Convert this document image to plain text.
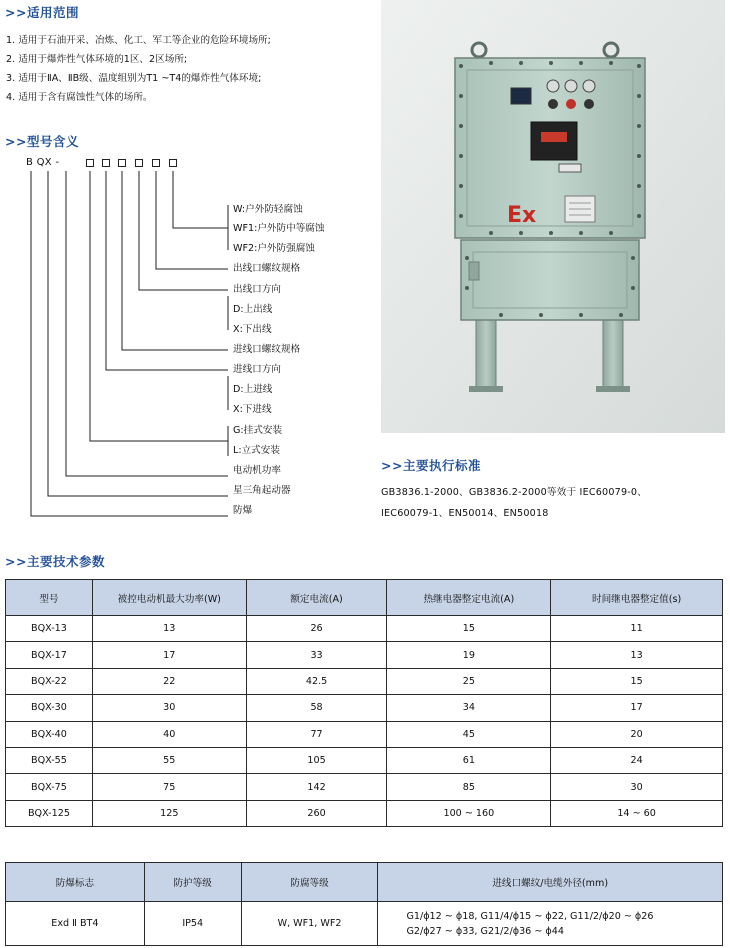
>>适用范围
1. 适用于石油开采、冶炼、化工、军工等企业的危险环境场所;
2. 适用于爆炸性气体环境的1区、2区场所;
3. 适用于ⅡA、ⅡB级、温度组别为T1 ~T4的爆炸性气体环境;
4. 适用于含有腐蚀性气体的场所。
>>型号含义
B QX -
W:户外防轻腐蚀
WF1:户外防中等腐蚀
WF2:户外防强腐蚀
出线口螺纹规格
出线口方向
D:上出线
X:下出线
进线口螺纹规格
进线口方向
D:上进线
X:下进线
G:挂式安装
L:立式安装
电动机功率
星三角起动器
防爆
Ex
>>主要执行标准
GB3836.1-2000、GB3836.2-2000等效于 IEC60079-0、
IEC60079-1、EN50014、EN50018
>>主要技术参数
型号	被控电动机最大功率(W)	额定电流(A)	热继电器整定电流(A)	时间继电器整定值(s)
BQX-13	13	26	15	11
BQX-17	17	33	19	13
BQX-22	22	42.5	25	15
BQX-30	30	58	34	17
BQX-40	40	77	45	20
BQX-55	55	105	61	24
BQX-75	75	142	85	30
BQX-125	125	260	100 ~ 160	14 ~ 60
防爆标志	防护等级	防腐等级	进线口螺纹/电缆外径(mm)
Exd Ⅱ BT4	IP54	W, WF1, WF2	G1/ϕ12 ~ ϕ18, G11/4/ϕ15 ~ ϕ22, G11/2/ϕ20 ~ ϕ26
G2/ϕ27 ~ ϕ33, G21/2/ϕ36 ~ ϕ44
